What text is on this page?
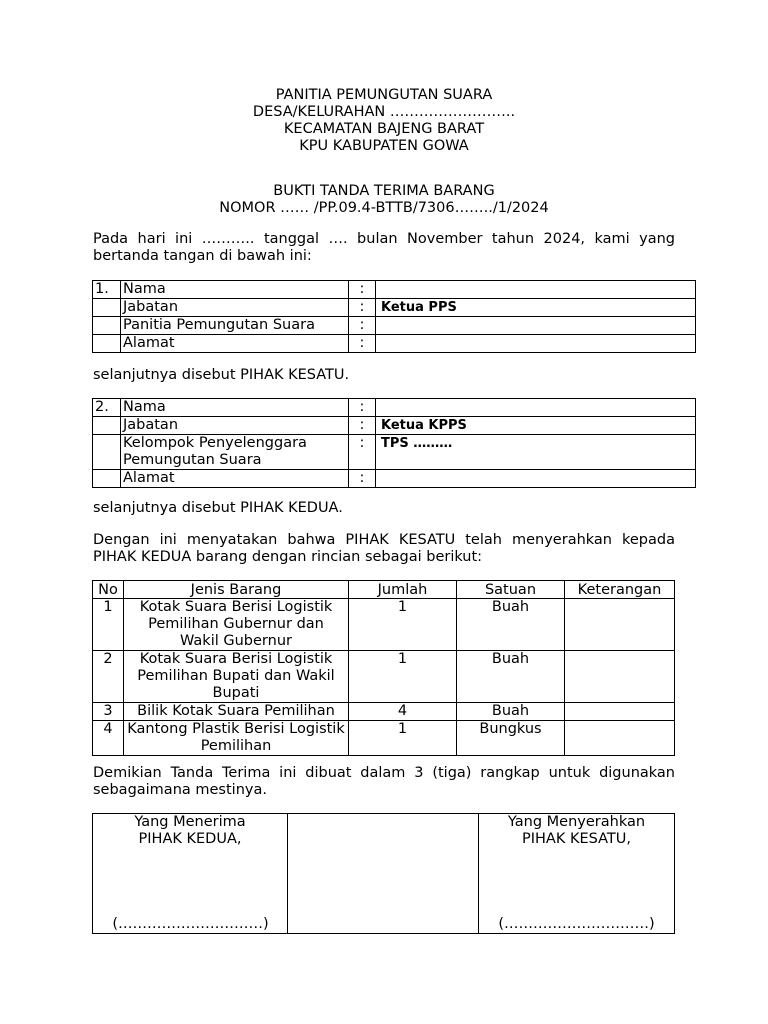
PANITIA PEMUNGUTAN SUARA
DESA/KELURAHAN ……………………..
KECAMATAN BAJENG BARAT
KPU KABUPATEN GOWA
BUKTI TANDA TERIMA BARANG
NOMOR …… /PP.09.4-BTTB/7306……../1/2024
Pada hari ini ……….. tanggal …. bulan November tahun 2024, kami yang bertanda tangan di bawah ini:
1.	Nama	:	
	Jabatan	:	Ketua PPS
	Panitia Pemungutan Suara	:	
	Alamat	:	
selanjutnya disebut PIHAK KESATU.
2.	Nama	:	
	Jabatan	:	Ketua KPPS
	Kelompok Penyelenggara Pemungutan Suara	:	TPS ………
	Alamat	:	
selanjutnya disebut PIHAK KEDUA.
Dengan ini menyatakan bahwa PIHAK KESATU telah menyerahkan kepada PIHAK KEDUA barang dengan rincian sebagai berikut:
No	Jenis Barang	Jumlah	Satuan	Keterangan
1	Kotak Suara Berisi Logistik Pemilihan Gubernur dan Wakil Gubernur	1	Buah	
2	Kotak Suara Berisi Logistik Pemilihan Bupati dan Wakil Bupati	1	Buah	
3	Bilik Kotak Suara Pemilihan	4	Buah	
4	Kantong Plastik Berisi Logistik Pemilihan	1	Bungkus	
Demikian Tanda Terima ini dibuat dalam 3 (tiga) rangkap untuk digunakan sebagaimana mestinya.
Yang Menerima
PIHAK KEDUA,
(…………………………)

Yang Menyerahkan
PIHAK KESATU,
(…………………………)
